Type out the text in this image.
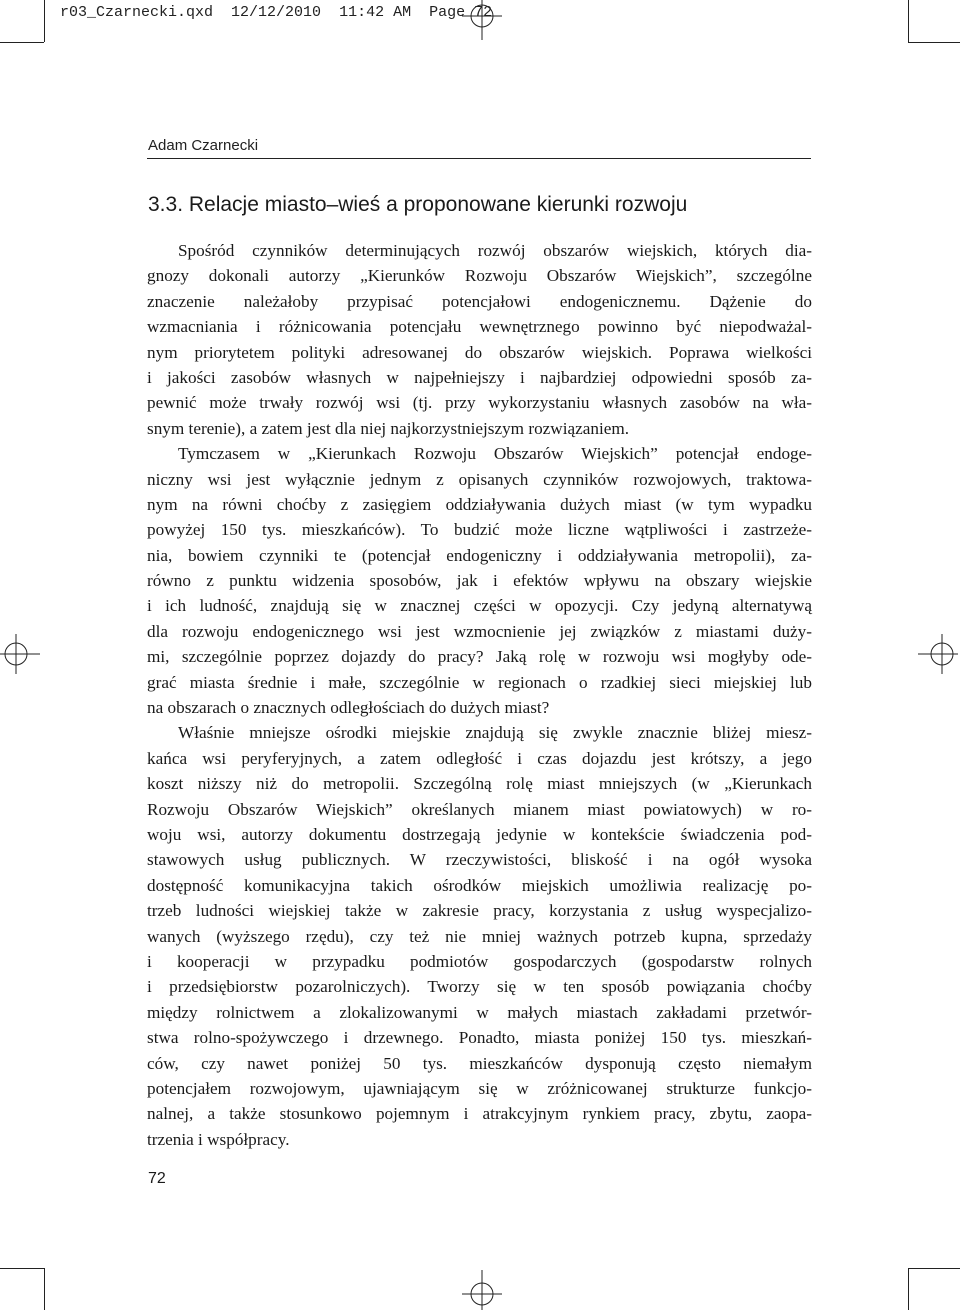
r03_Czarnecki.qxd 12/12/2010 11:42 AM Page 72
Adam Czarnecki
3.3. Relacje miasto–wieś a proponowane kierunki rozwoju
Spośród czynników determinujących rozwój obszarów wiejskich, których dia-
gnozy dokonali autorzy „Kierunków Rozwoju Obszarów Wiejskich”, szczególne
znaczenie należałoby przypisać potencjałowi endogenicznemu. Dążenie do
wzmacniania i różnicowania potencjału wewnętrznego powinno być niepodważal-
nym priorytetem polityki adresowanej do obszarów wiejskich. Poprawa wielkości
i jakości zasobów własnych w najpełniejszy i najbardziej odpowiedni sposób za-
pewnić może trwały rozwój wsi (tj. przy wykorzystaniu własnych zasobów na wła-
snym terenie), a zatem jest dla niej najkorzystniejszym rozwiązaniem.
Tymczasem w „Kierunkach Rozwoju Obszarów Wiejskich” potencjał endoge-
niczny wsi jest wyłącznie jednym z opisanych czynników rozwojowych, traktowa-
nym na równi choćby z zasięgiem oddziaływania dużych miast (w tym wypadku
powyżej 150 tys. mieszkańców). To budzić może liczne wątpliwości i zastrzeże-
nia, bowiem czynniki te (potencjał endogeniczny i oddziaływania metropolii), za-
równo z punktu widzenia sposobów, jak i efektów wpływu na obszary wiejskie
i ich ludność, znajdują się w znacznej części w opozycji. Czy jedyną alternatywą
dla rozwoju endogenicznego wsi jest wzmocnienie jej związków z miastami duży-
mi, szczególnie poprzez dojazdy do pracy? Jaką rolę w rozwoju wsi mogłyby ode-
grać miasta średnie i małe, szczególnie w regionach o rzadkiej sieci miejskiej lub
na obszarach o znacznych odległościach do dużych miast?
Właśnie mniejsze ośrodki miejskie znajdują się zwykle znacznie bliżej miesz-
kańca wsi peryferyjnych, a zatem odległość i czas dojazdu jest krótszy, a jego
koszt niższy niż do metropolii. Szczególną rolę miast mniejszych (w „Kierunkach
Rozwoju Obszarów Wiejskich” określanych mianem miast powiatowych) w ro-
woju wsi, autorzy dokumentu dostrzegają jedynie w kontekście świadczenia pod-
stawowych usług publicznych. W rzeczywistości, bliskość i na ogół wysoka
dostępność komunikacyjna takich ośrodków miejskich umożliwia realizację po-
trzeb ludności wiejskiej także w zakresie pracy, korzystania z usług wyspecjalizo-
wanych (wyższego rzędu), czy też nie mniej ważnych potrzeb kupna, sprzedaży
i kooperacji w przypadku podmiotów gospodarczych (gospodarstw rolnych
i przedsiębiorstw pozarolniczych). Tworzy się w ten sposób powiązania choćby
między rolnictwem a zlokalizowanymi w małych miastach zakładami przetwór-
stwa rolno-spożywczego i drzewnego. Ponadto, miasta poniżej 150 tys. mieszkań-
ców, czy nawet poniżej 50 tys. mieszkańców dysponują często niemałym
potencjałem rozwojowym, ujawniającym się w zróżnicowanej strukturze funkcjo-
nalnej, a także stosunkowo pojemnym i atrakcyjnym rynkiem pracy, zbytu, zaopa-
trzenia i współpracy.
72
